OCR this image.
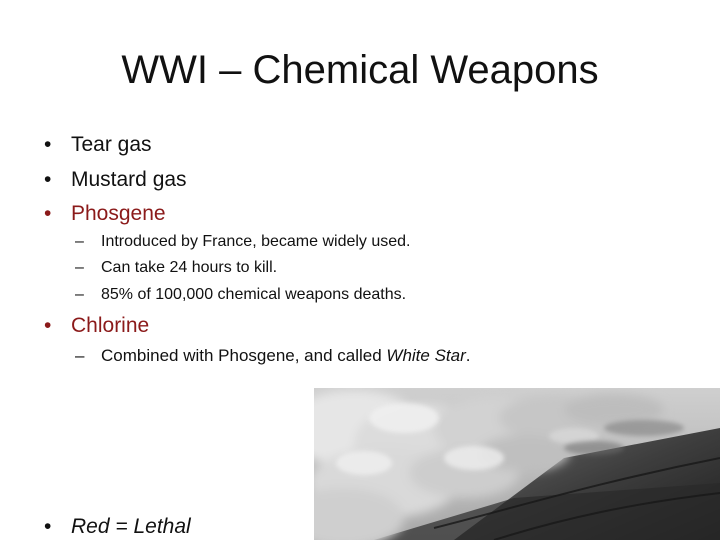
WWI – Chemical Weapons
• Tear gas
• Mustard gas
• Phosgene
– Introduced by France, became widely used.
– Can take 24 hours to kill.
– 85% of 100,000 chemical weapons deaths.
• Chlorine
– Combined with Phosgene, and called White Star.
• Red = Lethal
